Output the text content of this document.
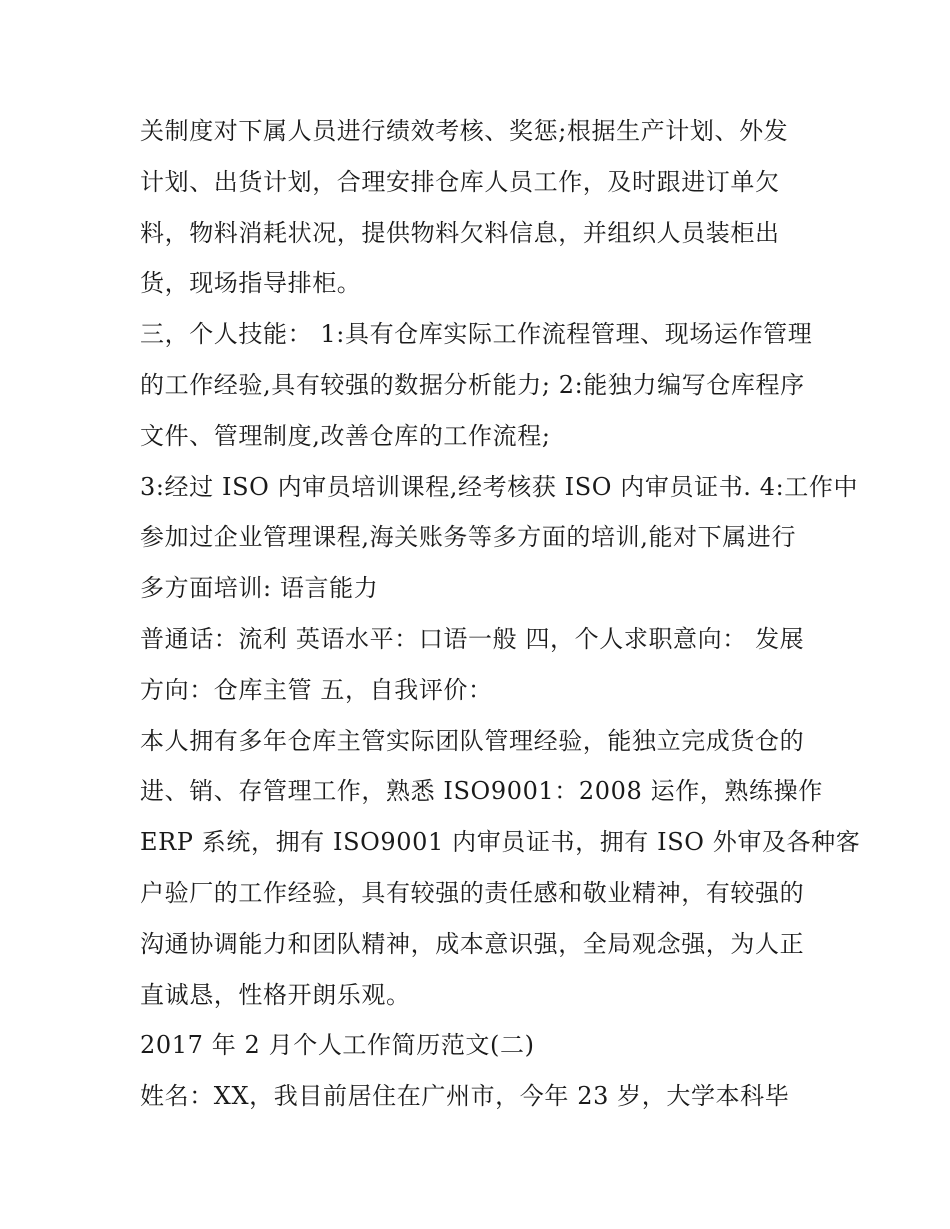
关制度对下属人员进行绩效考核、奖惩;根据生产计划、外发
计划、出货计划，合理安排仓库人员工作，及时跟进订单欠
料，物料消耗状况，提供物料欠料信息，并组织人员装柜出
货，现场指导排柜。
三，个人技能： 1:具有仓库实际工作流程管理、现场运作管理
的工作经验,具有较强的数据分析能力; 2:能独力编写仓库程序
文件、管理制度,改善仓库的工作流程;
3:经过 ISO 内审员培训课程,经考核获 ISO 内审员证书. 4:工作中
参加过企业管理课程,海关账务等多方面的培训,能对下属进行
多方面培训: 语言能力
普通话：流利 英语水平：口语一般 四，个人求职意向： 发展
方向：仓库主管 五，自我评价：
本人拥有多年仓库主管实际团队管理经验，能独立完成货仓的
进、销、存管理工作，熟悉 ISO9001：2008 运作，熟练操作
ERP 系统，拥有 ISO9001 内审员证书，拥有 ISO 外审及各种客
户验厂的工作经验，具有较强的责任感和敬业精神，有较强的
沟通协调能力和团队精神，成本意识强，全局观念强，为人正
直诚恳，性格开朗乐观。
2017 年 2 月个人工作简历范文(二)
姓名：XX，我目前居住在广州市，今年 23 岁，大学本科毕
